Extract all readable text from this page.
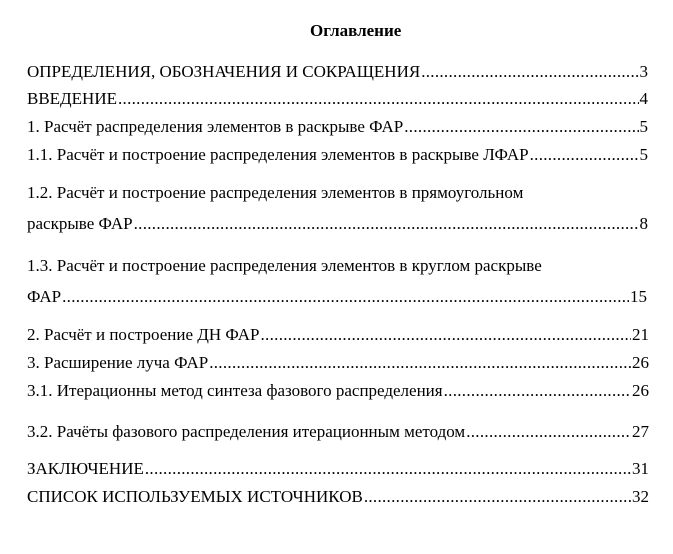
Оглавление
ОПРЕДЕЛЕНИЯ, ОБОЗНАЧЕНИЯ И СОКРАЩЕНИЯ .....	3
ВВЕДЕНИЕ .....	4
1. Расчёт распределения элементов в раскрыве ФАР .....	5
1.1. Расчёт и построение распределения элементов в раскрыве ЛФАР .....	5
1.2. Расчёт и построение распределения элементов в прямоугольном
раскрыве ФАР .....	8
1.3. Расчёт и построение распределения элементов в круглом раскрыве
ФАР .....	15
2. Расчёт и построение ДН ФАР .....	21
3. Расширение луча ФАР .....	26
3.1. Итерационны метод синтеза фазового распределения .....	26
3.2. Рачёты фазового распределения итерационным методом .....	27
ЗАКЛЮЧЕНИЕ .....	31
СПИСОК ИСПОЛЬЗУЕМЫХ ИСТОЧНИКОВ .....	32
